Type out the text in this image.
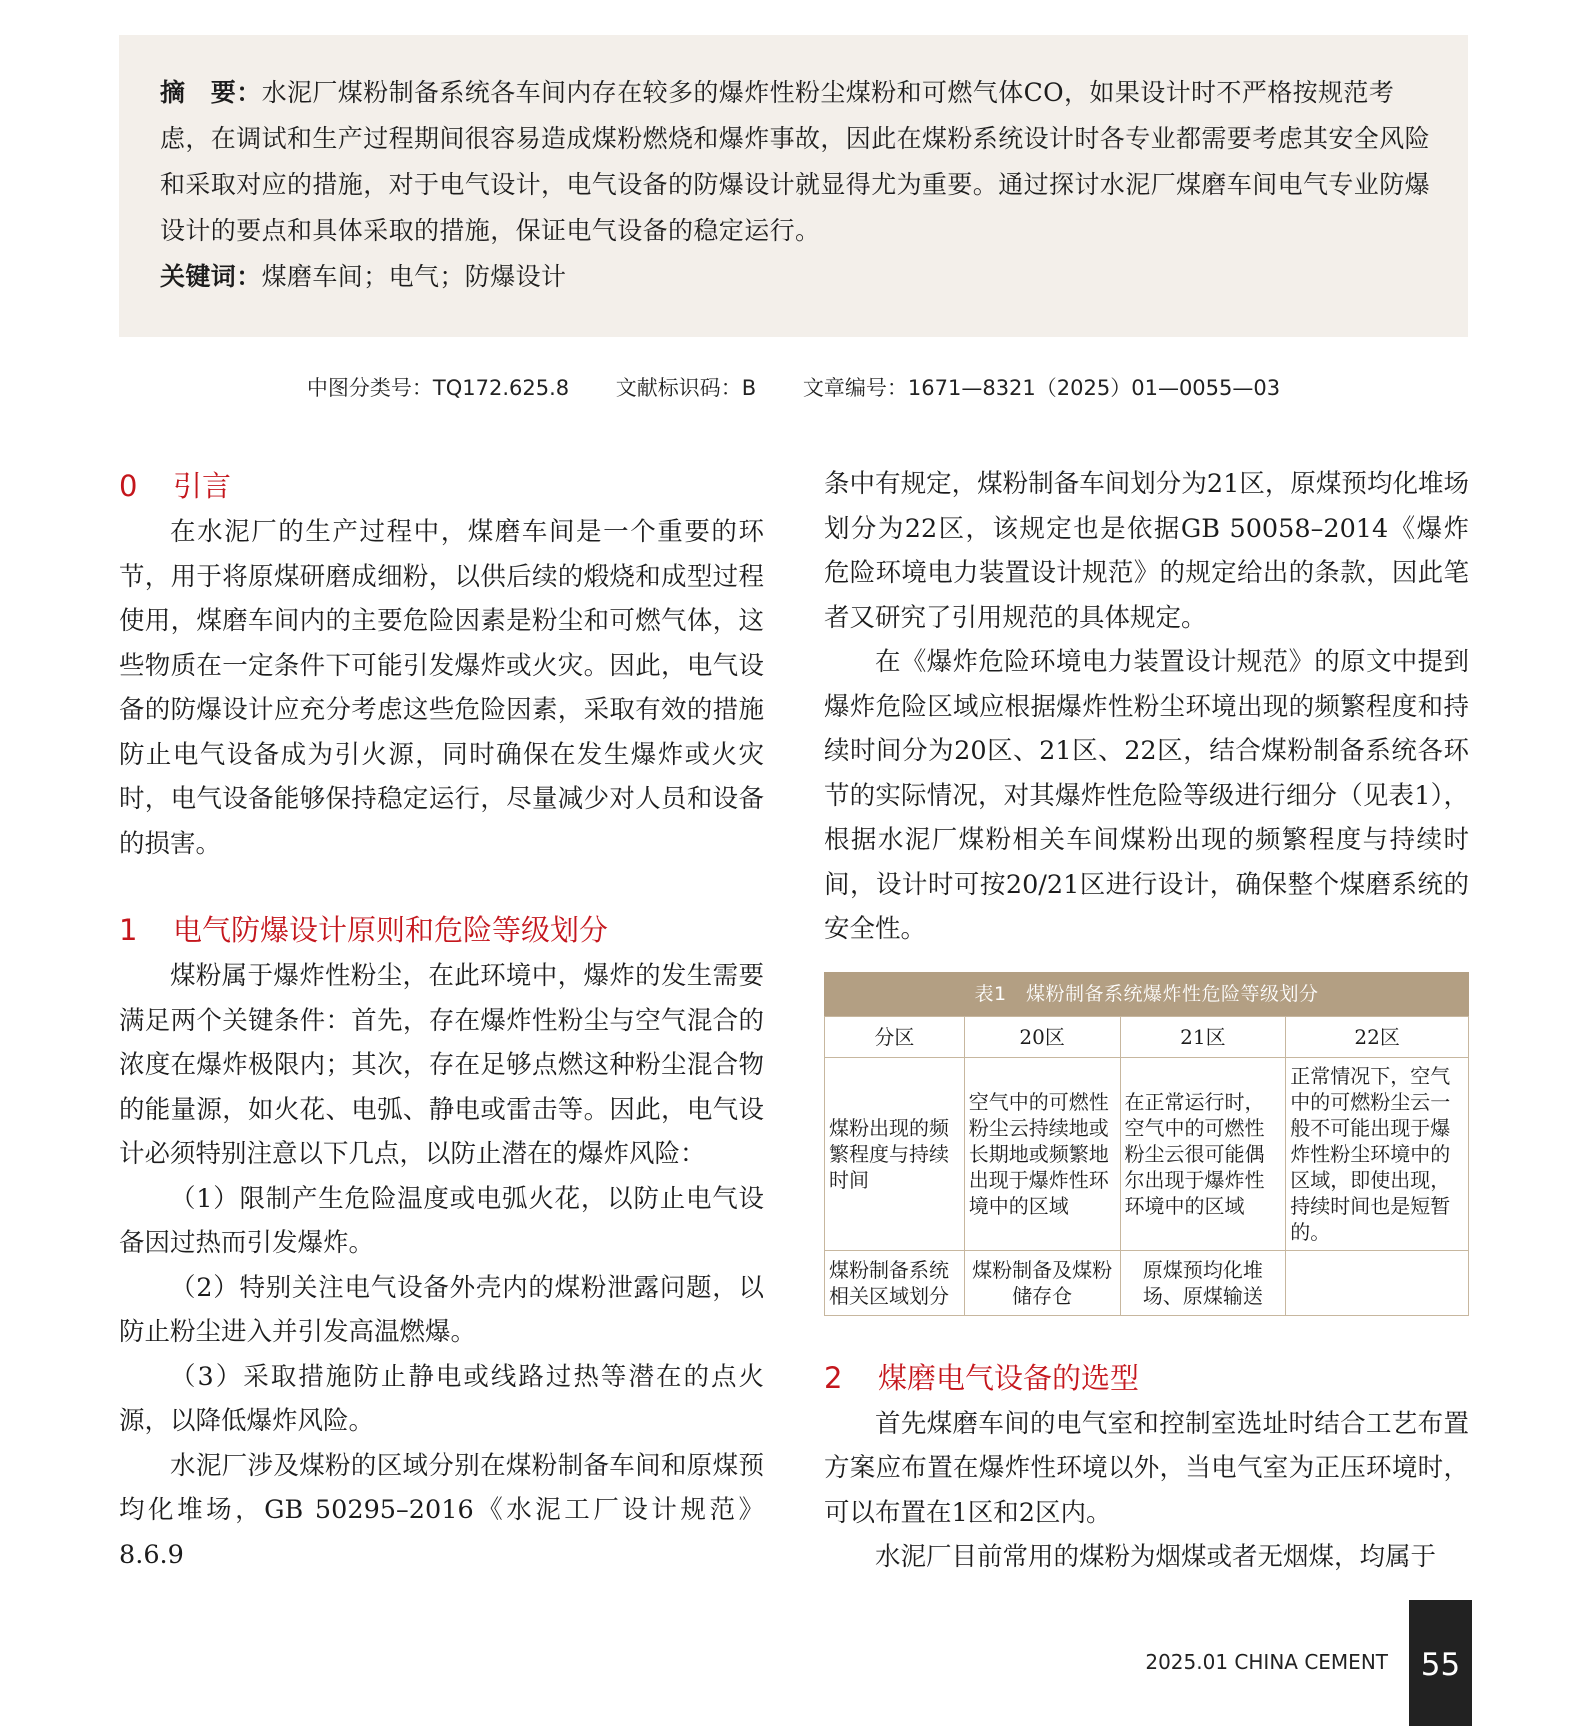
摘　要：水泥厂煤粉制备系统各车间内存在较多的爆炸性粉尘煤粉和可燃气体CO，如果设计时不严格按规范考虑，在调试和生产过程期间很容易造成煤粉燃烧和爆炸事故，因此在煤粉系统设计时各专业都需要考虑其安全风险和采取对应的措施，对于电气设计，电气设备的防爆设计就显得尤为重要。通过探讨水泥厂煤磨车间电气专业防爆设计的要点和具体采取的措施，保证电气设备的稳定运行。

关键词：煤磨车间；电气；防爆设计

中图分类号：TQ172.625.8 文献标识码：B 文章编号：1671—8321（2025）01—0055—03
0 引言

在水泥厂的生产过程中，煤磨车间是一个重要的环节，用于将原煤研磨成细粉，以供后续的煅烧和成型过程使用，煤磨车间内的主要危险因素是粉尘和可燃气体，这些物质在一定条件下可能引发爆炸或火灾。因此，电气设备的防爆设计应充分考虑这些危险因素，采取有效的措施防止电气设备成为引火源，同时确保在发生爆炸或火灾时，电气设备能够保持稳定运行，尽量减少对人员和设备的损害。

1 电气防爆设计原则和危险等级划分

煤粉属于爆炸性粉尘，在此环境中，爆炸的发生需要满足两个关键条件：首先，存在爆炸性粉尘与空气混合的浓度在爆炸极限内；其次，存在足够点燃这种粉尘混合物的能量源，如火花、电弧、静电或雷击等。因此，电气设计必须特别注意以下几点，以防止潜在的爆炸风险：

（1）限制产生危险温度或电弧火花，以防止电气设备因过热而引发爆炸。

（2）特别关注电气设备外壳内的煤粉泄露问题，以防止粉尘进入并引发高温燃爆。

（3）采取措施防止静电或线路过热等潜在的点火源，以降低爆炸风险。

水泥厂涉及煤粉的区域分别在煤粉制备车间和原煤预均化堆场，GB 50295–2016《水泥工厂设计规范》8.6.9

条中有规定，煤粉制备车间划分为21区，原煤预均化堆场划分为22区，该规定也是依据GB 50058–2014《爆炸危险环境电力装置设计规范》的规定给出的条款，因此笔者又研究了引用规范的具体规定。

在《爆炸危险环境电力装置设计规范》的原文中提到爆炸危险区域应根据爆炸性粉尘环境出现的频繁程度和持续时间分为20区、21区、22区，结合煤粉制备系统各环节的实际情况，对其爆炸性危险等级进行细分（见表1），根据水泥厂煤粉相关车间煤粉出现的频繁程度与持续时间，设计时可按20/21区进行设计，确保整个煤磨系统的安全性。

表1　煤粉制备系统爆炸性危险等级划分
分区	20区	21区	22区
煤粉出现的频繁程度与持续时间	空气中的可燃性粉尘云持续地或长期地或频繁地出现于爆炸性环境中的区域	在正常运行时，空气中的可燃性粉尘云很可能偶尔出现于爆炸性环境中的区域	正常情况下，空气中的可燃粉尘云一般不可能出现于爆炸性粉尘环境中的区域，即使出现，持续时间也是短暂的。
煤粉制备系统相关区域划分	煤粉制备及煤粉储存仓	原煤预均化堆场、原煤输送	
2 煤磨电气设备的选型

首先煤磨车间的电气室和控制室选址时结合工艺布置方案应布置在爆炸性环境以外，当电气室为正压环境时，可以布置在1区和2区内。

水泥厂目前常用的煤粉为烟煤或者无烟煤，均属于

2025.01 CHINA CEMENT	55
